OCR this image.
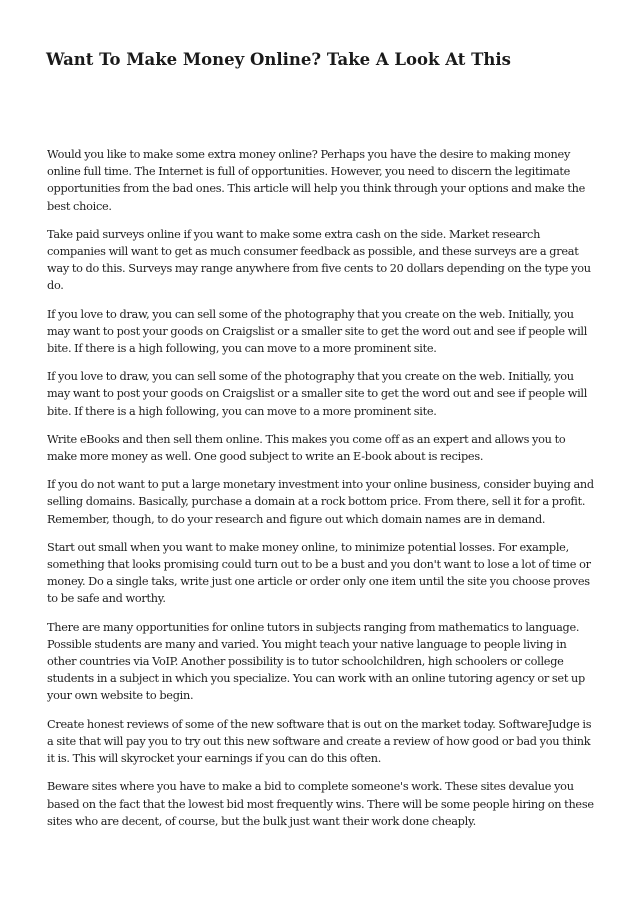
Want To Make Money Online? Take A Look At This

Would you like to make some extra money online? Perhaps you have the desire to making money online full time. The Internet is full of opportunities. However, you need to discern the legitimate opportunities from the bad ones. This article will help you think through your options and make the best choice.

Take paid surveys online if you want to make some extra cash on the side. Market research companies will want to get as much consumer feedback as possible, and these surveys are a great way to do this. Surveys may range anywhere from five cents to 20 dollars depending on the type you do.

If you love to draw, you can sell some of the photography that you create on the web. Initially, you may want to post your goods on Craigslist or a smaller site to get the word out and see if people will bite. If there is a high following, you can move to a more prominent site.

If you love to draw, you can sell some of the photography that you create on the web. Initially, you may want to post your goods on Craigslist or a smaller site to get the word out and see if people will bite. If there is a high following, you can move to a more prominent site.

Write eBooks and then sell them online. This makes you come off as an expert and allows you to make more money as well. One good subject to write an E-book about is recipes.

If you do not want to put a large monetary investment into your online business, consider buying and selling domains. Basically, purchase a domain at a rock bottom price. From there, sell it for a profit. Remember, though, to do your research and figure out which domain names are in demand.

Start out small when you want to make money online, to minimize potential losses. For example, something that looks promising could turn out to be a bust and you don't want to lose a lot of time or money. Do a single taks, write just one article or order only one item until the site you choose proves to be safe and worthy.

There are many opportunities for online tutors in subjects ranging from mathematics to language. Possible students are many and varied. You might teach your native language to people living in other countries via VoIP. Another possibility is to tutor schoolchildren, high schoolers or college students in a subject in which you specialize. You can work with an online tutoring agency or set up your own website to begin.

Create honest reviews of some of the new software that is out on the market today. SoftwareJudge is a site that will pay you to try out this new software and create a review of how good or bad you think it is. This will skyrocket your earnings if you can do this often.

Beware sites where you have to make a bid to complete someone's work. These sites devalue you based on the fact that the lowest bid most frequently wins. There will be some people hiring on these sites who are decent, of course, but the bulk just want their work done cheaply.
